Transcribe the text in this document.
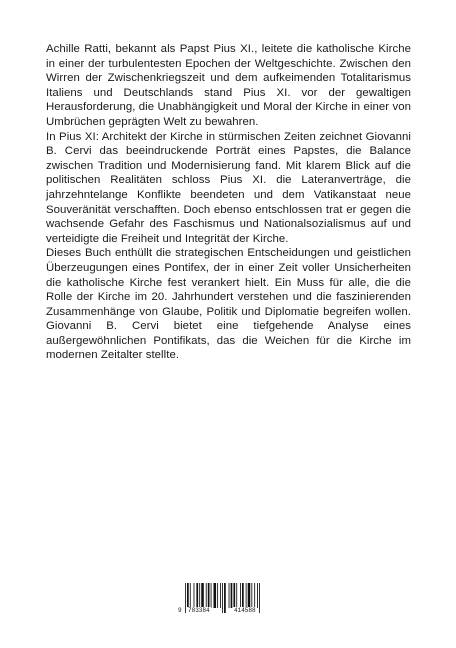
Achille Ratti, bekannt als Papst Pius XI., leitete die katholische Kirche in einer der turbulentesten Epochen der Weltgeschichte. Zwischen den Wirren der Zwischenkriegszeit und dem aufkeimenden Totalitarismus Italiens und Deutschlands stand Pius XI. vor der gewaltigen Herausforderung, die Unabhängigkeit und Moral der Kirche in einer von Umbrüchen geprägten Welt zu bewahren.

In Pius XI: Architekt der Kirche in stürmischen Zeiten zeichnet Giovanni B. Cervi das beeindruckende Porträt eines Papstes, die Balance zwischen Tradition und Modernisierung fand. Mit klarem Blick auf die politischen Realitäten schloss Pius XI. die Lateranverträge, die jahrzehntelange Konflikte beendeten und dem Vatikanstaat neue Souveränität verschafften. Doch ebenso entschlossen trat er gegen die wachsende Gefahr des Faschismus und Nationalsozialismus auf und verteidigte die Freiheit und Integrität der Kirche.

Dieses Buch enthüllt die strategischen Entscheidungen und geistlichen Überzeugungen eines Pontifex, der in einer Zeit voller Unsicherheiten die katholische Kirche fest verankert hielt. Ein Muss für alle, die die Rolle der Kirche im 20. Jahrhundert verstehen und die faszinierenden Zusammenhänge von Glaube, Politik und Diplomatie begreifen wollen. Giovanni B. Cervi bietet eine tiefgehende Analyse eines außergewöhnlichen Pontifikats, das die Weichen für die Kirche im modernen Zeitalter stellte.

9 783384	414588
